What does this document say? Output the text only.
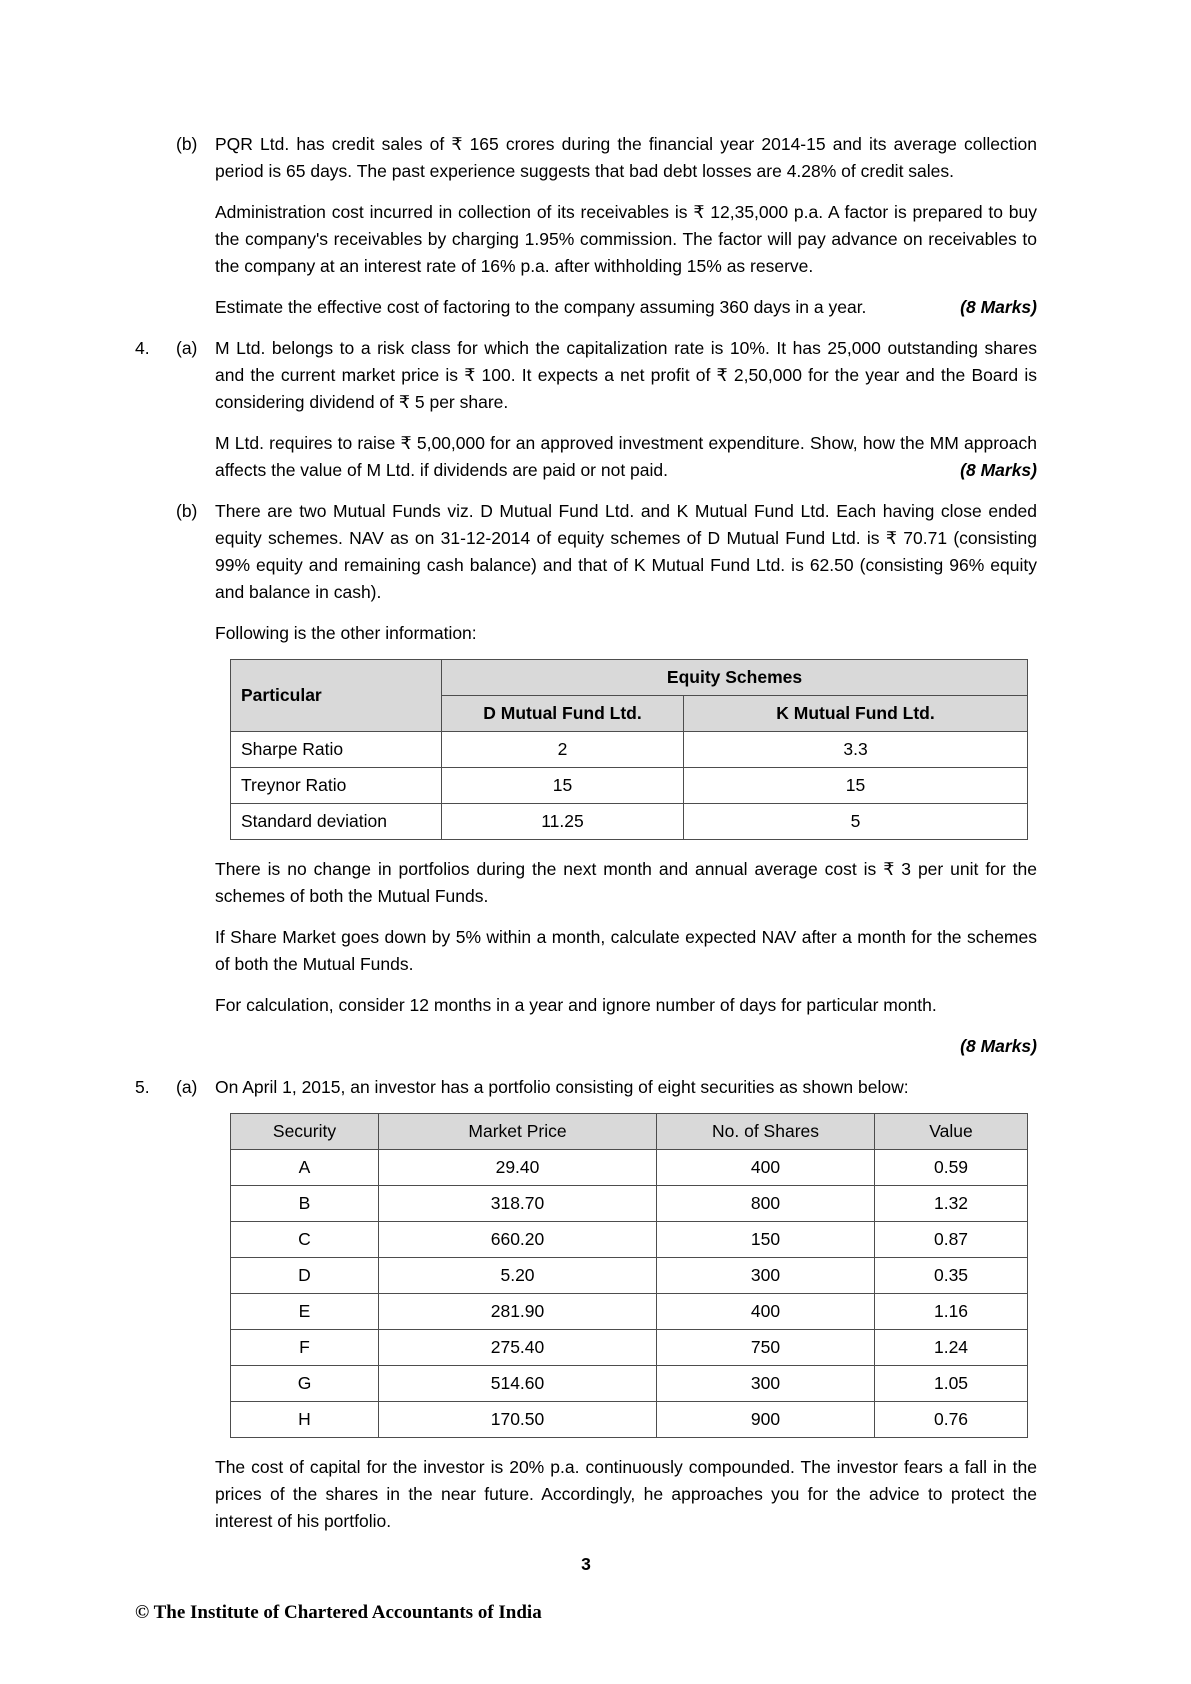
(b)	PQR Ltd. has credit sales of ₹ 165 crores during the financial year 2014-15 and its average collection period is 65 days. The past experience suggests that bad debt losses are 4.28% of credit sales.

Administration cost incurred in collection of its receivables is ₹ 12,35,000 p.a. A factor is prepared to buy the company's receivables by charging 1.95% commission. The factor will pay advance on receivables to the company at an interest rate of 16% p.a. after withholding 15% as reserve.

Estimate the effective cost of factoring to the company assuming 360 days in a year.	(8 Marks)

4.	(a)	M Ltd. belongs to a risk class for which the capitalization rate is 10%. It has 25,000 outstanding shares and the current market price is ₹ 100. It expects a net profit of ₹ 2,50,000 for the year and the Board is considering dividend of ₹ 5 per share.

M Ltd. requires to raise ₹ 5,00,000 for an approved investment expenditure. Show, how the MM approach affects the value of M Ltd. if dividends are paid or not paid.	(8 Marks)

(b)	There are two Mutual Funds viz. D Mutual Fund Ltd. and K Mutual Fund Ltd. Each having close ended equity schemes. NAV as on 31-12-2014 of equity schemes of D Mutual Fund Ltd. is ₹ 70.71 (consisting 99% equity and remaining cash balance) and that of K Mutual Fund Ltd. is 62.50 (consisting 96% equity and balance in cash).

Following is the other information:

Particular	Equity Schemes	
	D Mutual Fund Ltd.	K Mutual Fund Ltd.
Sharpe Ratio	2	3.3
Treynor Ratio	15	15
Standard deviation	11.25	5

There is no change in portfolios during the next month and annual average cost is ₹ 3 per unit for the schemes of both the Mutual Funds.

If Share Market goes down by 5% within a month, calculate expected NAV after a month for the schemes of both the Mutual Funds.

For calculation, consider 12 months in a year and ignore number of days for particular month.

(8 Marks)

5.	(a)	On April 1, 2015, an investor has a portfolio consisting of eight securities as shown below:

Security	Market Price	No. of Shares	Value
A	29.40	400	0.59
B	318.70	800	1.32
C	660.20	150	0.87
D	5.20	300	0.35
E	281.90	400	1.16
F	275.40	750	1.24
G	514.60	300	1.05
H	170.50	900	0.76

The cost of capital for the investor is 20% p.a. continuously compounded. The investor fears a fall in the prices of the shares in the near future. Accordingly, he approaches you for the advice to protect the interest of his portfolio.

3
© The Institute of Chartered Accountants of India
